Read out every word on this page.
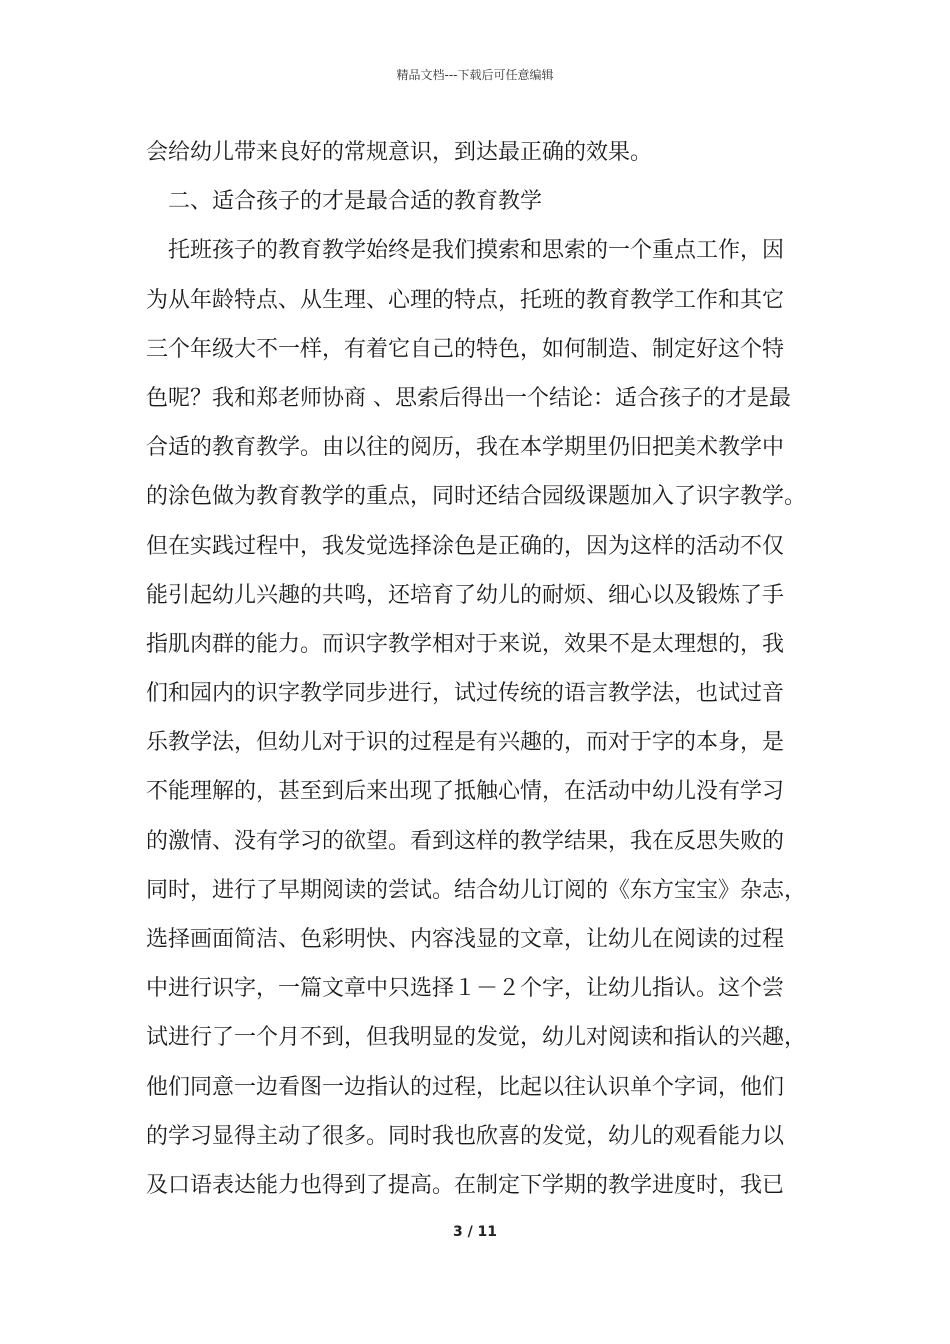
精品文档---下载后可任意编辑
会给幼儿带来良好的常规意识，到达最正确的效果。
　二、适合孩子的才是最合适的教育教学
　托班孩子的教育教学始终是我们摸索和思索的一个重点工作，因
为从年龄特点、从生理、心理的特点，托班的教育教学工作和其它
三个年级大不一样，有着它自己的特色，如何制造、制定好这个特
色呢？我和郑老师协商 、思索后得出一个结论：适合孩子的才是最
合适的教育教学。由以往的阅历，我在本学期里仍旧把美术教学中
的涂色做为教育教学的重点，同时还结合园级课题加入了识字教学。
但在实践过程中，我发觉选择涂色是正确的，因为这样的活动不仅
能引起幼儿兴趣的共鸣，还培育了幼儿的耐烦、细心以及锻炼了手
指肌肉群的能力。而识字教学相对于来说，效果不是太理想的，我
们和园内的识字教学同步进行，试过传统的语言教学法，也试过音
乐教学法，但幼儿对于识的过程是有兴趣的，而对于字的本身，是
不能理解的，甚至到后来出现了抵触心情，在活动中幼儿没有学习
的激情、没有学习的欲望。看到这样的教学结果，我在反思失败的
同时，进行了早期阅读的尝试。结合幼儿订阅的《东方宝宝》杂志，
选择画面简洁、色彩明快、内容浅显的文章，让幼儿在阅读的过程
中进行识字，一篇文章中只选择１－２个字，让幼儿指认。这个尝
试进行了一个月不到，但我明显的发觉，幼儿对阅读和指认的兴趣，
他们同意一边看图一边指认的过程，比起以往认识单个字词，他们
的学习显得主动了很多。同时我也欣喜的发觉，幼儿的观看能力以
及口语表达能力也得到了提高。在制定下学期的教学进度时，我已
3 / 11
